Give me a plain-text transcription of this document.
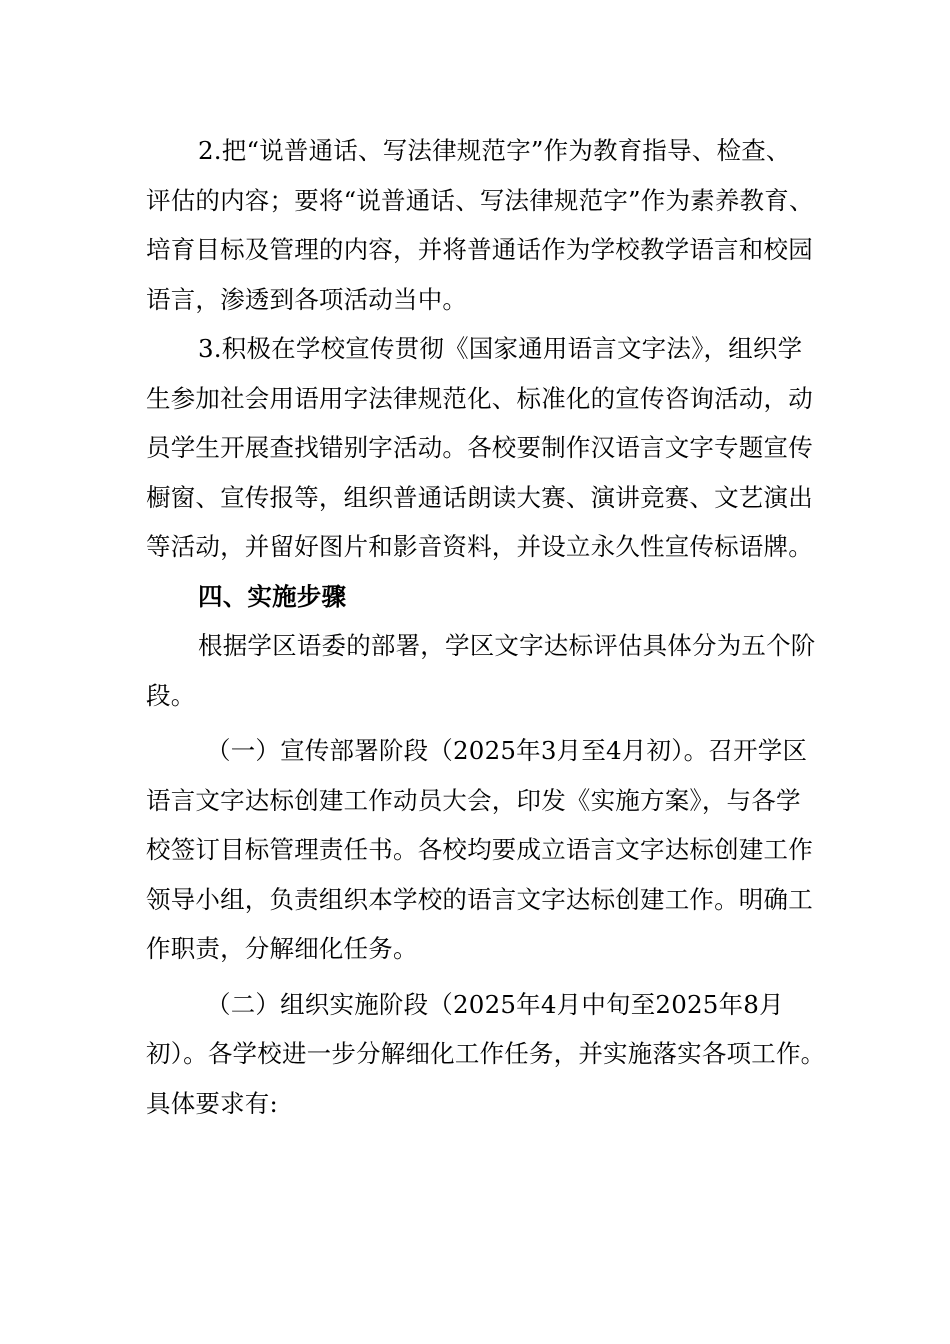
2.把“说普通话、写法律规范字”作为教育指导、检查、
评估的内容；要将“说普通话、写法律规范字”作为素养教育、
培育目标及管理的内容，并将普通话作为学校教学语言和校园
语言，渗透到各项活动当中。
3.积极在学校宣传贯彻《国家通用语言文字法》，组织学
生参加社会用语用字法律规范化、标准化的宣传咨询活动，动
员学生开展查找错别字活动。各校要制作汉语言文字专题宣传
橱窗、宣传报等，组织普通话朗读大赛、演讲竞赛、文艺演出
等活动，并留好图片和影音资料，并设立永久性宣传标语牌。
四、实施步骤
根据学区语委的部署，学区文字达标评估具体分为五个阶
段。
（一）宣传部署阶段（2025年3月至4月初）。召开学区
语言文字达标创建工作动员大会，印发《实施方案》，与各学
校签订目标管理责任书。各校均要成立语言文字达标创建工作
领导小组，负责组织本学校的语言文字达标创建工作。明确工
作职责，分解细化任务。
（二）组织实施阶段（2025年4月中旬至2025年8月
初）。各学校进一步分解细化工作任务，并实施落实各项工作。
具体要求有:
